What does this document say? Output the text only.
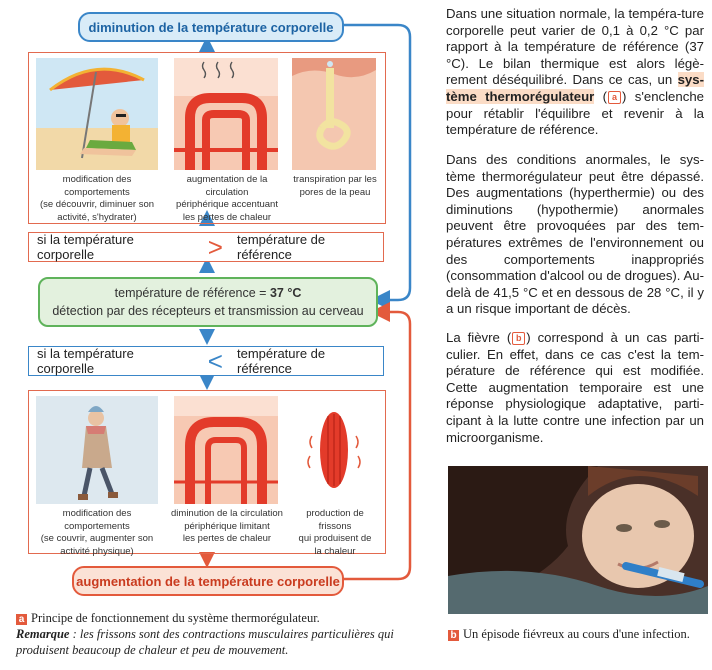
diminution de la température corporelle
modification des comportements
(se découvrir, diminuer son
activité, s'hydrater)
augmentation de la circulation
périphérique accentuant
les pertes de chaleur
transpiration par les
pores de la peau
si la température corporelle	> température de référence
température de référence = 37 °C
détection par des récepteurs et transmission au cerveau
si la température corporelle	< température de référence
modification des comportements
(se couvrir, augmenter son
activité physique)
diminution de la circulation
périphérique limitant
les pertes de chaleur
production de frissons
qui produisent de
la chaleur
augmentation de la température corporelle
a Principe de fonctionnement du système thermorégulateur.
Remarque : les frissons sont des contractions musculaires particulières qui produisent beaucoup de chaleur et peu de mouvement.
Dans une situation normale, la tempéra-ture corporelle peut varier de 0,1 à 0,2 °C par rapport à la température de référence (37 °C). Le bilan thermique est alors légè-rement déséquilibré. Dans ce cas, un sys-tème thermorégulateur ( a ) s'enclenche pour rétablir l'équilibre et revenir à la température de référence.
Dans des conditions anormales, le sys-tème thermorégulateur peut être dépassé. Des augmentations (hyperthermie) ou des diminutions (hypothermie) anormales peuvent être provoquées par des tem-pératures extrêmes de l'environnement ou des comportements inappropriés (consommation d'alcool ou de drogues). Au-delà de 41,5 °C et en dessous de 28 °C, il y a un risque important de décès.
La fièvre ( b ) correspond à un cas parti-culier. En effet, dans ce cas c'est la tem-pérature de référence qui est modifiée. Cette augmentation temporaire est une réponse physiologique adaptative, parti-cipant à la lutte contre une infection par un microorganisme.
b Un épisode fiévreux au cours d'une infection.
